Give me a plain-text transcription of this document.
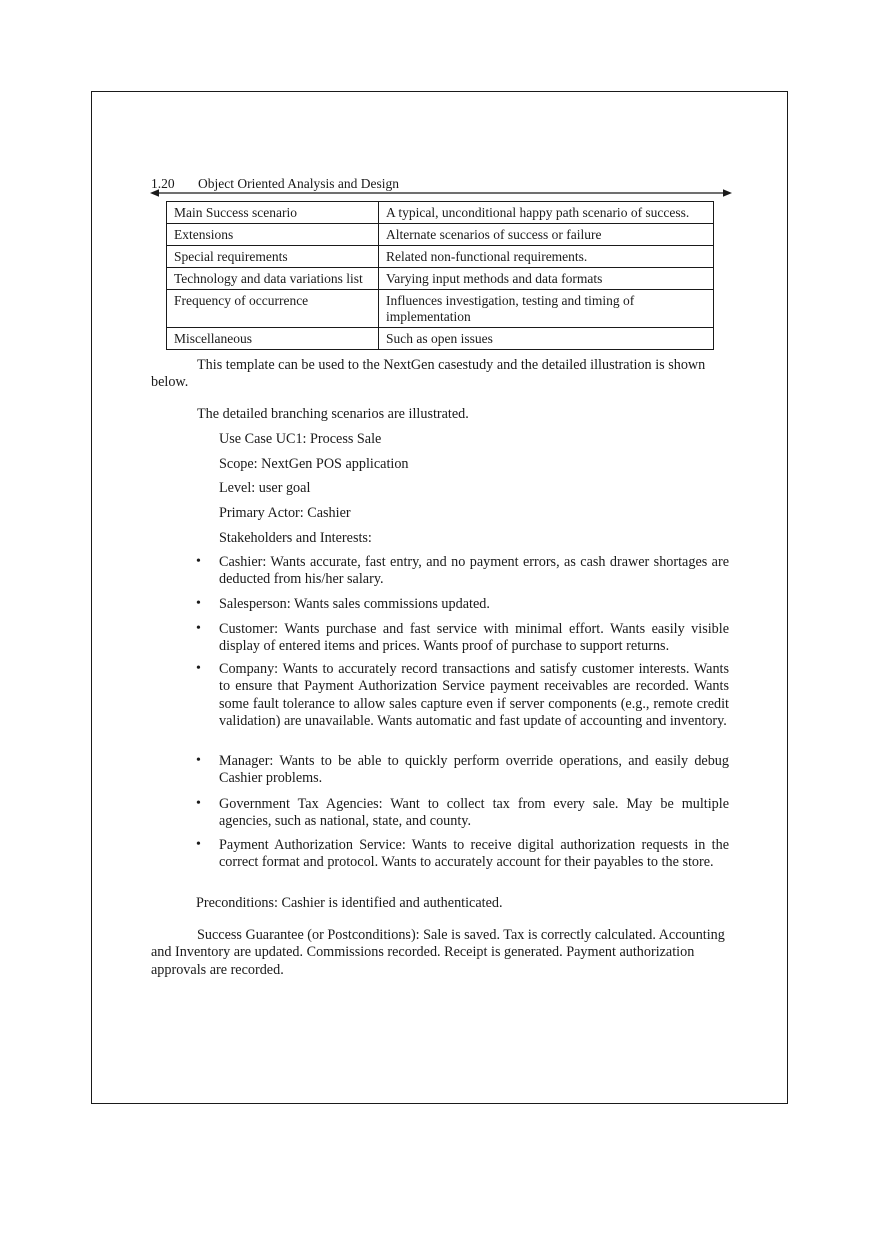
1.20 Object Oriented Analysis and Design
Main Success scenario	A typical, unconditional happy path scenario of success.
Extensions	Alternate scenarios of success or failure
Special requirements	Related non-functional requirements.
Technology and data variations list	Varying input methods and data formats
Frequency of occurrence	Influences investigation, testing and timing of implementation
Miscellaneous	Such as open issues
This template can be used to the NextGen casestudy and the detailed illustration is shown below.
The detailed branching scenarios are illustrated.
Use Case UC1: Process Sale
Scope: NextGen POS application
Level: user goal
Primary Actor: Cashier
Stakeholders and Interests:
• Cashier: Wants accurate, fast entry, and no payment errors, as cash drawer shortages are deducted from his/her salary.
• Salesperson: Wants sales commissions updated.
• Customer: Wants purchase and fast service with minimal effort. Wants easily visible display of entered items and prices. Wants proof of purchase to support returns.
• Company: Wants to accurately record transactions and satisfy customer interests. Wants to ensure that Payment Authorization Service payment receivables are recorded. Wants some fault tolerance to allow sales capture even if server components (e.g., remote credit validation) are unavailable. Wants automatic and fast update of accounting and inventory.
• Manager: Wants to be able to quickly perform override operations, and easily debug Cashier problems.
• Government Tax Agencies: Want to collect tax from every sale. May be multiple agencies, such as national, state, and county.
• Payment Authorization Service: Wants to receive digital authorization requests in the correct format and protocol. Wants to accurately account for their payables to the store.
Preconditions: Cashier is identified and authenticated.
Success Guarantee (or Postconditions): Sale is saved. Tax is correctly calculated. Accounting and Inventory are updated. Commissions recorded. Receipt is generated. Payment authorization approvals are recorded.
